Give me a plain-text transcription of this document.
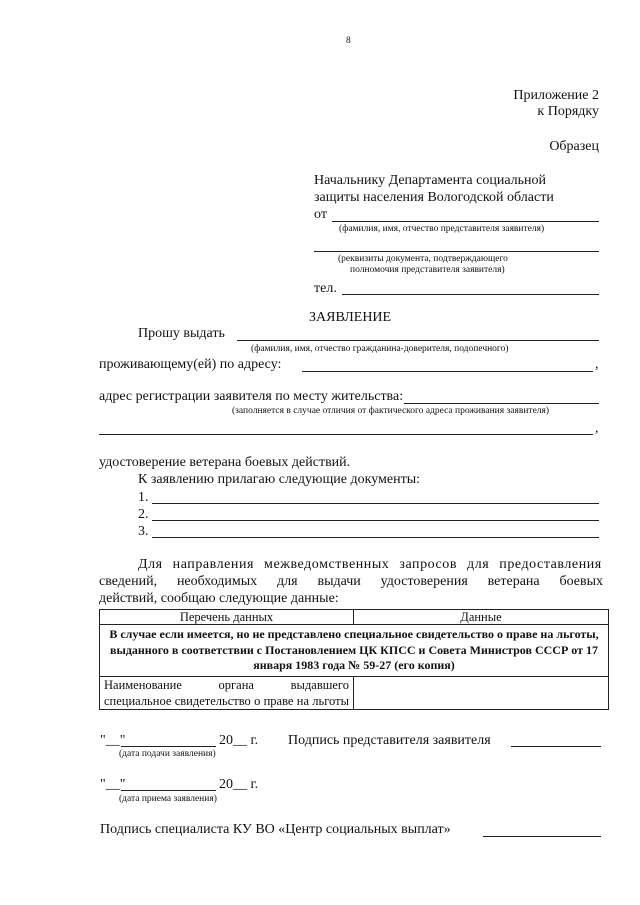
8
Приложение 2
к Порядку
Образец
Начальнику Департамента социальной
защиты населения Вологодской области
от
(фамилия, имя, отчество представителя заявителя)
(реквизиты документа, подтверждающего
полномочия представителя заявителя)
тел.
ЗАЯВЛЕНИЕ
Прошу выдать
(фамилия, имя, отчество гражданина-доверителя, подопечного)
проживающему(ей) по адресу:	,
адрес регистрации заявителя по месту жительства:
(заполняется в случае отличия от фактического адреса проживания заявителя)
,
удостоверение ветерана боевых действий.
К заявлению прилагаю следующие документы:
1.
2.
3.
Для направления межведомственных запросов для предоставления
сведений, необходимых для выдачи удостоверения ветерана боевых
действий, сообщаю следующие данные:
Перечень данных	Данные
В случае если имеется, но не представлено специальное свидетельство о праве на льготы, выданного в соответствии с Постановлением ЦК КПСС и Совета Министров СССР от 17 января 1983 года № 59-27 (его копия)	
Наименование органа выдавшего специальное свидетельство о праве на льготы	
"__"	20__ г. Подпись представителя заявителя
(дата подачи заявления)
"__"	20__ г.
(дата приема заявления)
Подпись специалиста КУ ВО «Центр социальных выплат»
